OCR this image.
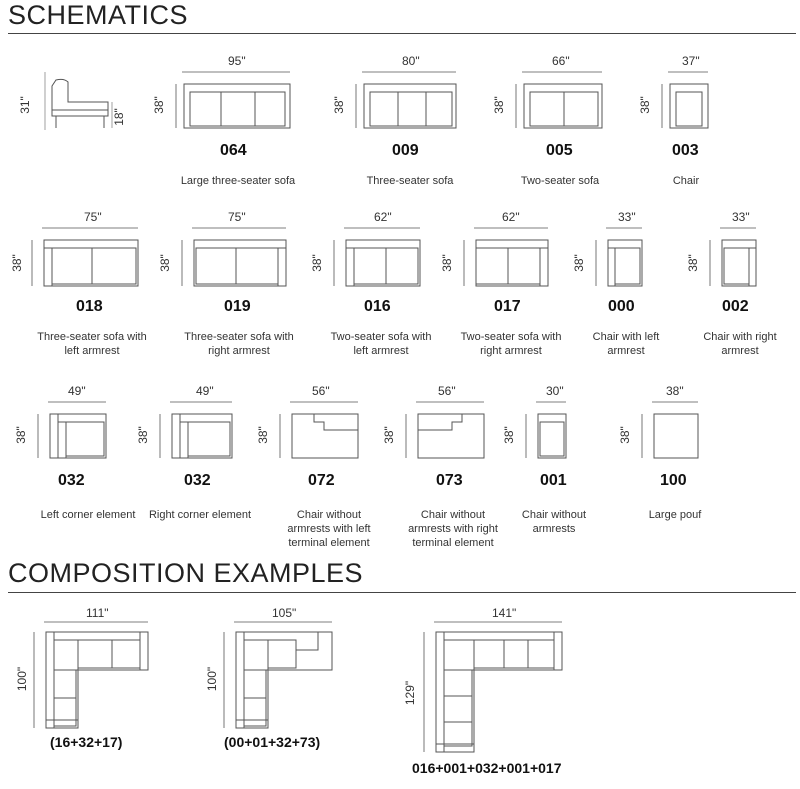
SCHEMATICS
COMPOSITION EXAMPLES
31"
18"
95"
38"
064
Large three-seater sofa
80"
38"
009
Three-seater sofa
66"
38"
005
Two-seater sofa
37"
38"
003
Chair
75"
38"
018
Three-seater sofa with
left armrest
75"
38"
019
Three-seater sofa with
right armrest
62"
38"
016
Two-seater sofa with
left armrest
62"
38"
017
Two-seater sofa with
right armrest
33"
38"
000
Chair with left
armrest
33"
38"
002
Chair with right
armrest
49"
38"
032
Left corner element
49"
38"
032
Right corner element
56"
38"
072
Chair without
armrests with left
terminal element
56"
38"
073
Chair without
armrests with right
terminal element
30"
38"
001
Chair without
armrests
38"
38"
100
Large pouf
111"
100"
(16+32+17)
105"
100"
(00+01+32+73)
141"
129"
016+001+032+001+017
